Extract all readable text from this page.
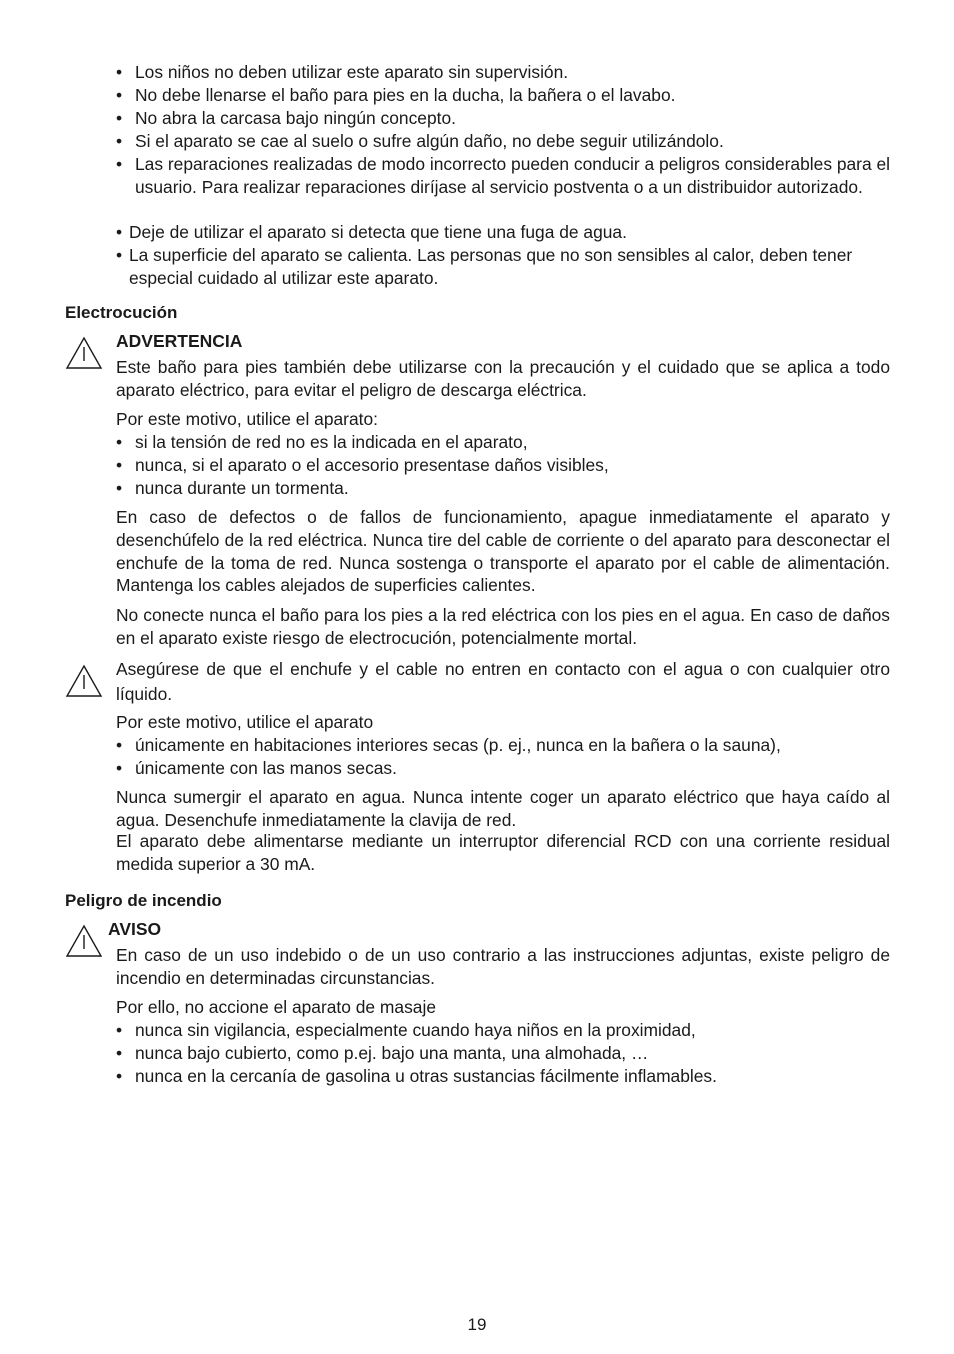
• Los niños no deben utilizar este aparato sin supervisión.
• No debe llenarse el baño para pies en la ducha, la bañera o el lavabo.
• No abra la carcasa bajo ningún concepto.
• Si el aparato se cae al suelo o sufre algún daño, no debe seguir utilizándolo.
• Las reparaciones realizadas de modo incorrecto pueden conducir a peligros considerables para el usuario. Para realizar reparaciones diríjase al servicio postventa o a un distribuidor autorizado.
• Deje de utilizar el aparato si detecta que tiene una fuga de agua.
• La superficie del aparato se calienta. Las personas que no son sensibles al calor, deben tener especial cuidado al utilizar este aparato.
Electrocución
ADVERTENCIA
Este baño para pies también debe utilizarse con la precaución y el cuidado que se aplica a todo aparato eléctrico, para evitar el peligro de descarga eléctrica.
Por este motivo, utilice el aparato:
• si la tensión de red no es la indicada en el aparato,
• nunca, si el aparato o el accesorio presentase daños visibles,
• nunca durante un tormenta.
En caso de defectos o de fallos de funcionamiento, apague inmediatamente el aparato y desenchúfelo de la red eléctrica. Nunca tire del cable de corriente o del aparato para desconectar el enchufe de la toma de red. Nunca sostenga o transporte el aparato por el cable de alimentación. Mantenga los cables alejados de superficies calientes.
No conecte nunca el baño para los pies a la red eléctrica con los pies en el agua. En caso de daños en el aparato existe riesgo de electrocución, potencialmente mortal.
Asegúrese de que el enchufe y el cable no entren en contacto con el agua o con cualquier otro líquido.
Por este motivo, utilice el aparato
• únicamente en habitaciones interiores secas (p. ej., nunca en la bañera o la sauna),
• únicamente con las manos secas.
Nunca sumergir el aparato en agua. Nunca intente coger un aparato eléctrico que haya caído al agua. Desenchufe inmediatamente la clavija de red.
El aparato debe alimentarse mediante un interruptor diferencial RCD con una corriente residual medida superior a 30 mA.
Peligro de incendio
AVISO
En caso de un uso indebido o de un uso contrario a las instrucciones adjuntas, existe peligro de incendio en determinadas circunstancias.
Por ello, no accione el aparato de masaje
• nunca sin vigilancia, especialmente cuando haya niños en la proximidad,
• nunca bajo cubierto, como p.ej. bajo una manta, una almohada, …
• nunca en la cercanía de gasolina u otras sustancias fácilmente inflamables.
19
